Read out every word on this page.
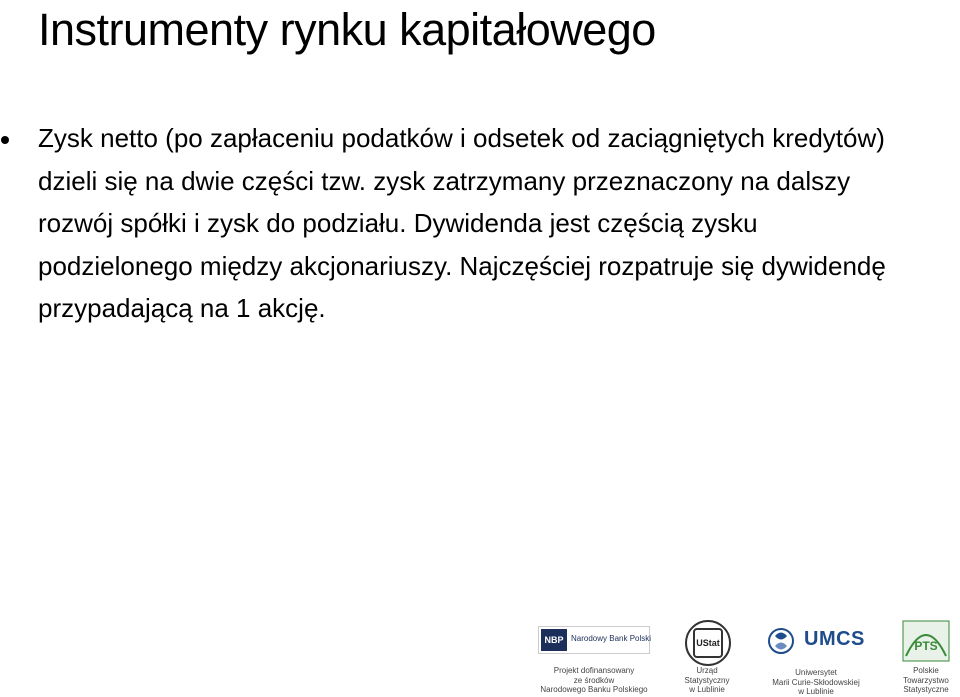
Instrumenty rynku kapitałowego
Zysk netto (po zapłaceniu podatków i odsetek od zaciągniętych kredytów) dzieli się na dwie części tzw. zysk zatrzymany przeznaczony na dalszy rozwój spółki i zysk do podziału. Dywidenda jest częścią zysku podzielonego między akcjonariuszy. Najczęściej rozpatruje się dywidendę przypadającą na 1 akcję.
NBP Narodowy Bank Polski
Projekt dofinansowany
ze środków
Narodowego Banku Polskiego
UStat
Urząd
Statystyczny
w Lublinie
UMCS
Uniwersytet
Marii Curie-Skłodowskiej
w Lublinie
PTS
Polskie
Towarzystwo
Statystyczne
